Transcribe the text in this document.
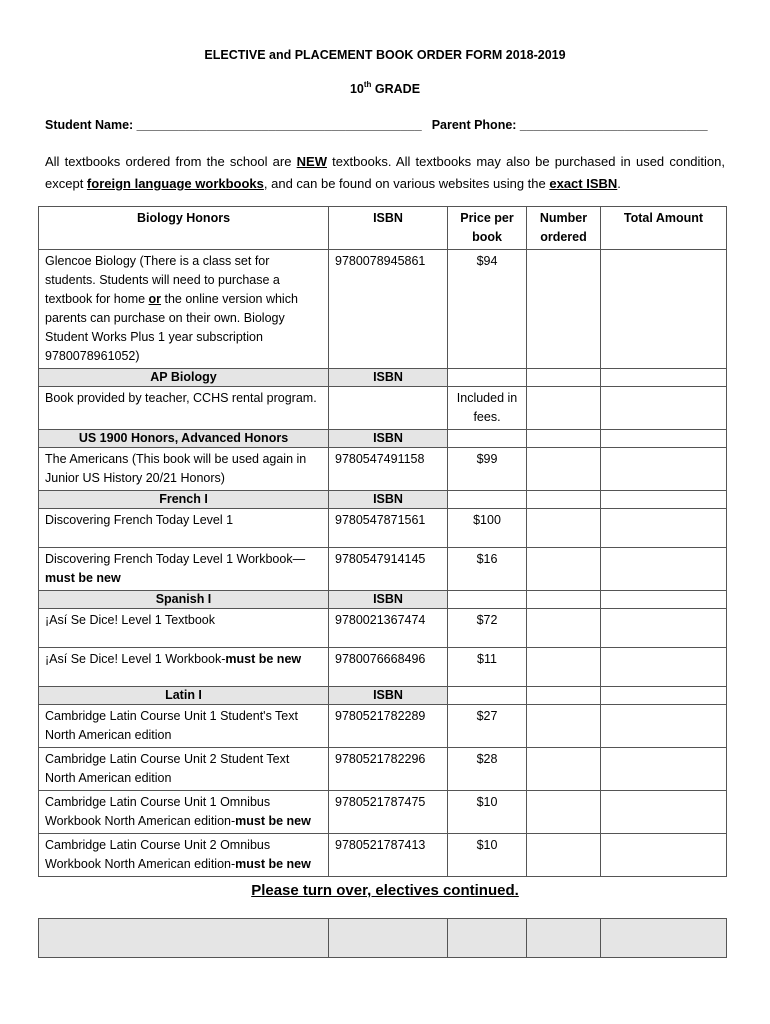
ELECTIVE and PLACEMENT BOOK ORDER FORM 2018-2019
10th GRADE
Student Name: _________________________________________ Parent Phone: ___________________________
All textbooks ordered from the school are NEW textbooks. All textbooks may also be purchased in used condition, except foreign language workbooks, and can be found on various websites using the exact ISBN.
Biology Honors	ISBN	Price per book	Number ordered	Total Amount
Glencoe Biology (There is a class set for students. Students will need to purchase a textbook for home or the online version which parents can purchase on their own. Biology Student Works Plus 1 year subscription 9780078961052)	9780078945861	$94		
AP Biology	ISBN			
Book provided by teacher, CCHS rental program.		Included in fees.		
US 1900 Honors, Advanced Honors	ISBN			
The Americans (This book will be used again in Junior US History 20/21 Honors)	9780547491158	$99		
French I	ISBN			
Discovering French Today Level 1	9780547871561	$100		
Discovering French Today Level 1 Workbook—must be new	9780547914145	$16		
Spanish I	ISBN			
¡Así Se Dice! Level 1 Textbook	9780021367474	$72		
¡Así Se Dice! Level 1 Workbook-must be new	9780076668496	$11		
Latin I	ISBN			
Cambridge Latin Course Unit 1 Student's Text North American edition	9780521782289	$27		
Cambridge Latin Course Unit 2 Student Text North American edition	9780521782296	$28		
Cambridge Latin Course Unit 1 Omnibus Workbook North American edition-must be new	9780521787475	$10		
Cambridge Latin Course Unit 2 Omnibus Workbook North American edition-must be new	9780521787413	$10		
Please turn over, electives continued.
